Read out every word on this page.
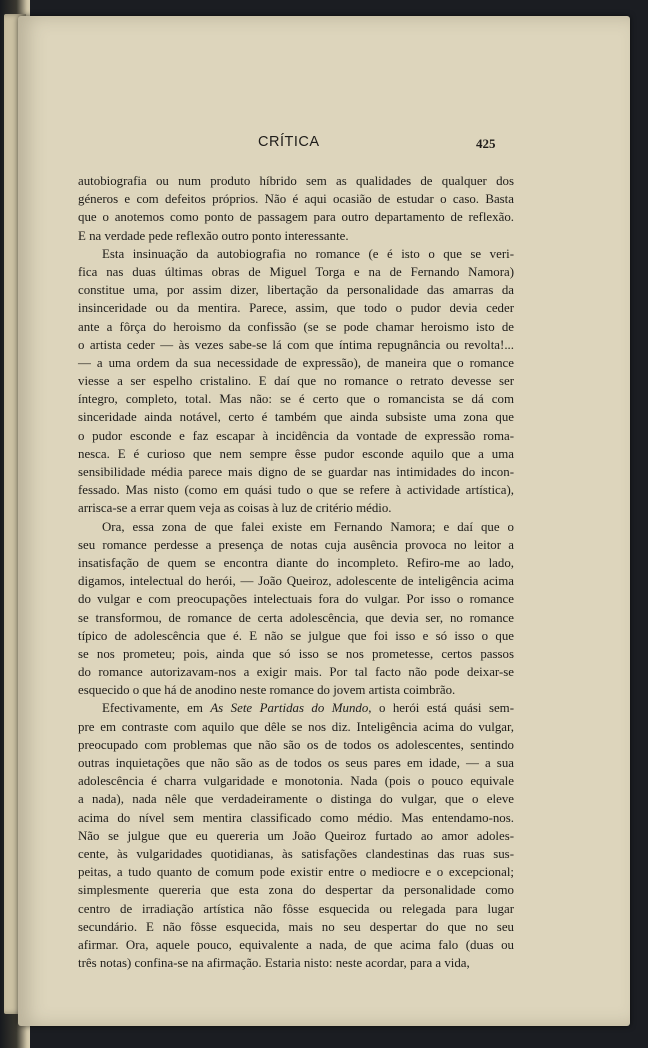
CRÍTICA	425
autobiografia ou num produto híbrido sem as qualidades de qualquer dos
géneros e com defeitos próprios. Não é aqui ocasião de estudar o caso. Basta
que o anotemos como ponto de passagem para outro departamento de reflexão.
E na verdade pede reflexão outro ponto interessante.
Esta insinuação da autobiografia no romance (e é isto o que se veri-
fica nas duas últimas obras de Miguel Torga e na de Fernando Namora)
constitue uma, por assim dizer, libertação da personalidade das amarras da
insinceridade ou da mentira. Parece, assim, que todo o pudor devia ceder
ante a fôrça do heroismo da confissão (se se pode chamar heroismo isto de
o artista ceder — às vezes sabe-se lá com que íntima repugnância ou revolta!...
— a uma ordem da sua necessidade de expressão), de maneira que o romance
viesse a ser espelho cristalino. E daí que no romance o retrato devesse ser
íntegro, completo, total. Mas não: se é certo que o romancista se dá com
sinceridade ainda notável, certo é também que ainda subsiste uma zona que
o pudor esconde e faz escapar à incidência da vontade de expressão roma-
nesca. E é curioso que nem sempre êsse pudor esconde aquilo que a uma
sensibilidade média parece mais digno de se guardar nas intimidades do incon-
fessado. Mas nisto (como em quási tudo o que se refere à actividade artística),
arrisca-se a errar quem veja as coisas à luz de critério médio.
Ora, essa zona de que falei existe em Fernando Namora; e daí que o
seu romance perdesse a presença de notas cuja ausência provoca no leitor a
insatisfação de quem se encontra diante do incompleto. Refiro-me ao lado,
digamos, intelectual do herói, — João Queiroz, adolescente de inteligência acima
do vulgar e com preocupações intelectuais fora do vulgar. Por isso o romance
se transformou, de romance de certa adolescência, que devia ser, no romance
típico de adolescência que é. E não se julgue que foi isso e só isso o que
se nos prometeu; pois, ainda que só isso se nos prometesse, certos passos
do romance autorizavam-nos a exigir mais. Por tal facto não pode deixar-se
esquecido o que há de anodino neste romance do jovem artista coimbrão.
Efectivamente, em As Sete Partidas do Mundo, o herói está quási sem-
pre em contraste com aquilo que dêle se nos diz. Inteligência acima do vulgar,
preocupado com problemas que não são os de todos os adolescentes, sentindo
outras inquietações que não são as de todos os seus pares em idade, — a sua
adolescência é charra vulgaridade e monotonia. Nada (pois o pouco equivale
a nada), nada nêle que verdadeiramente o distinga do vulgar, que o eleve
acima do nível sem mentira classificado como médio. Mas entendamo-nos.
Não se julgue que eu quereria um João Queiroz furtado ao amor adoles-
cente, às vulgaridades quotidianas, às satisfações clandestinas das ruas sus-
peitas, a tudo quanto de comum pode existir entre o mediocre e o excepcional;
simplesmente quereria que esta zona do despertar da personalidade como
centro de irradiação artística não fôsse esquecida ou relegada para lugar
secundário. E não fôsse esquecida, mais no seu despertar do que no seu
afirmar. Ora, aquele pouco, equivalente a nada, de que acima falo (duas ou
três notas) confina-se na afirmação. Estaria nisto: neste acordar, para a vida,
